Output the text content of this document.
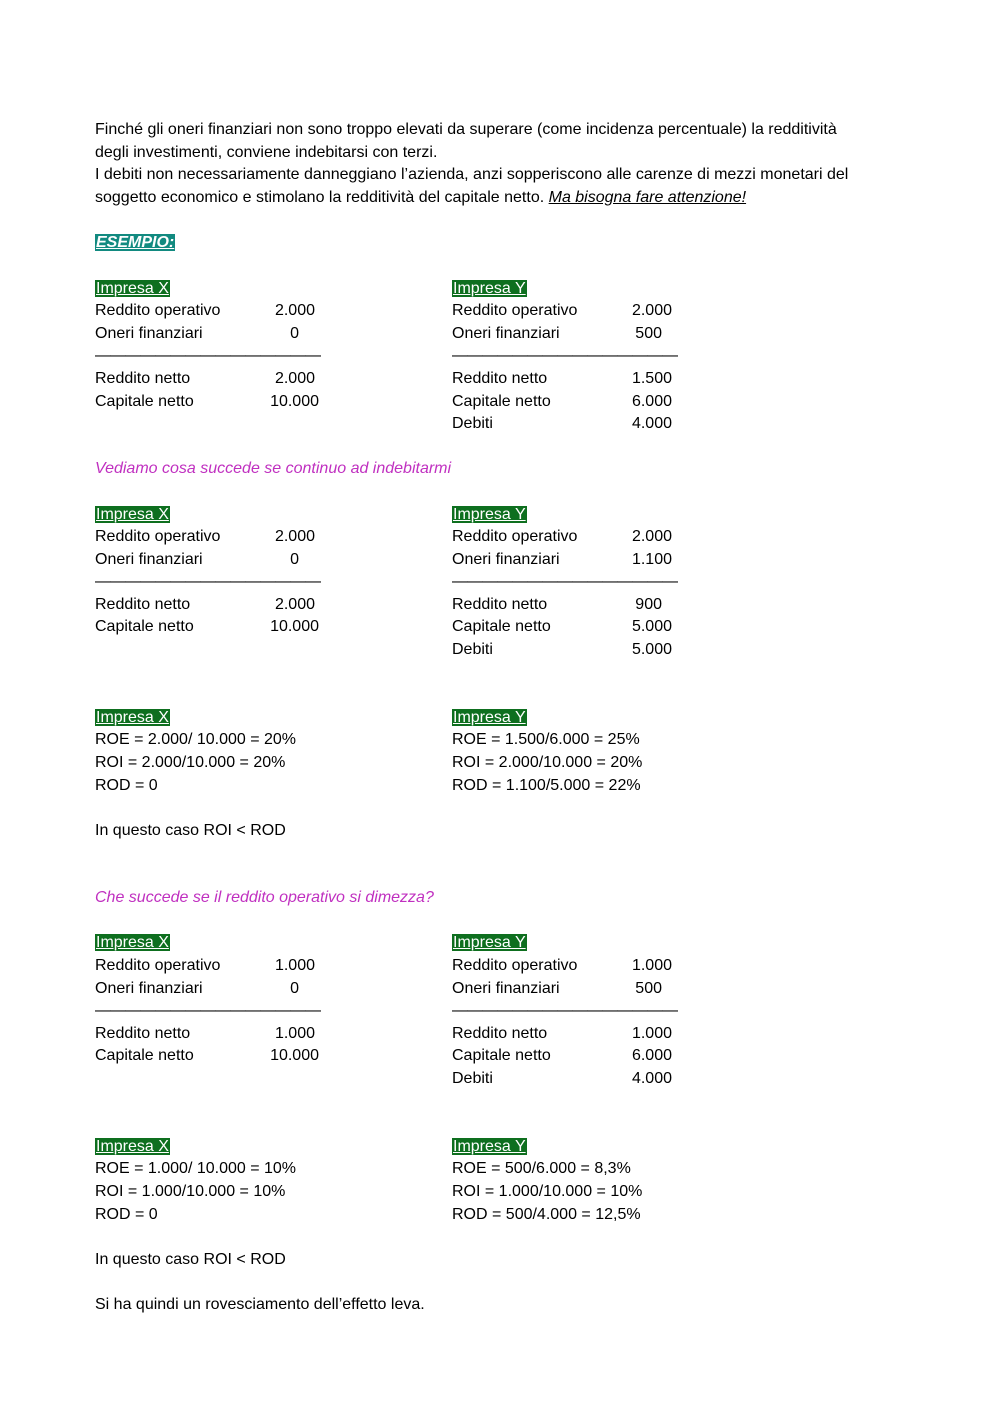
Finché gli oneri finanziari non sono troppo elevati da superare (come incidenza percentuale) la redditività
degli investimenti, conviene indebitarsi con terzi.
I debiti non necessariamente danneggiano l’azienda, anzi sopperiscono alle carenze di mezzi monetari del
soggetto economico e stimolano la redditività del capitale netto. Ma bisogna fare attenzione!
ESEMPIO:
Impresa X
Reddito operativo	2.000
Oneri finanziari	0
———————————————
Reddito netto	2.000
Capitale netto	10.000
Impresa Y
Reddito operativo	2.000
Oneri finanziari	500
———————————————
Reddito netto	1.500
Capitale netto	6.000
Debiti	4.000
Vediamo cosa succede se continuo ad indebitarmi
Impresa X
Reddito operativo	2.000
Oneri finanziari	0
———————————————
Reddito netto	2.000
Capitale netto	10.000
Impresa Y
Reddito operativo	2.000
Oneri finanziari	1.100
———————————————
Reddito netto	900
Capitale netto	5.000
Debiti	5.000
Impresa X
ROE = 2.000/ 10.000 = 20%
ROI = 2.000/10.000 = 20%
ROD = 0
Impresa Y
ROE = 1.500/6.000 = 25%
ROI = 2.000/10.000 = 20%
ROD = 1.100/5.000 = 22%
In questo caso ROI < ROD
Che succede se il reddito operativo si dimezza?
Impresa X
Reddito operativo	1.000
Oneri finanziari	0
———————————————
Reddito netto	1.000
Capitale netto	10.000
Impresa Y
Reddito operativo	1.000
Oneri finanziari	500
———————————————
Reddito netto	1.000
Capitale netto	6.000
Debiti	4.000
Impresa X
ROE = 1.000/ 10.000 = 10%
ROI = 1.000/10.000 = 10%
ROD = 0
Impresa Y
ROE = 500/6.000 = 8,3%
ROI = 1.000/10.000 = 10%
ROD = 500/4.000 = 12,5%
In questo caso ROI < ROD
Si ha quindi un rovesciamento dell’effetto leva.
